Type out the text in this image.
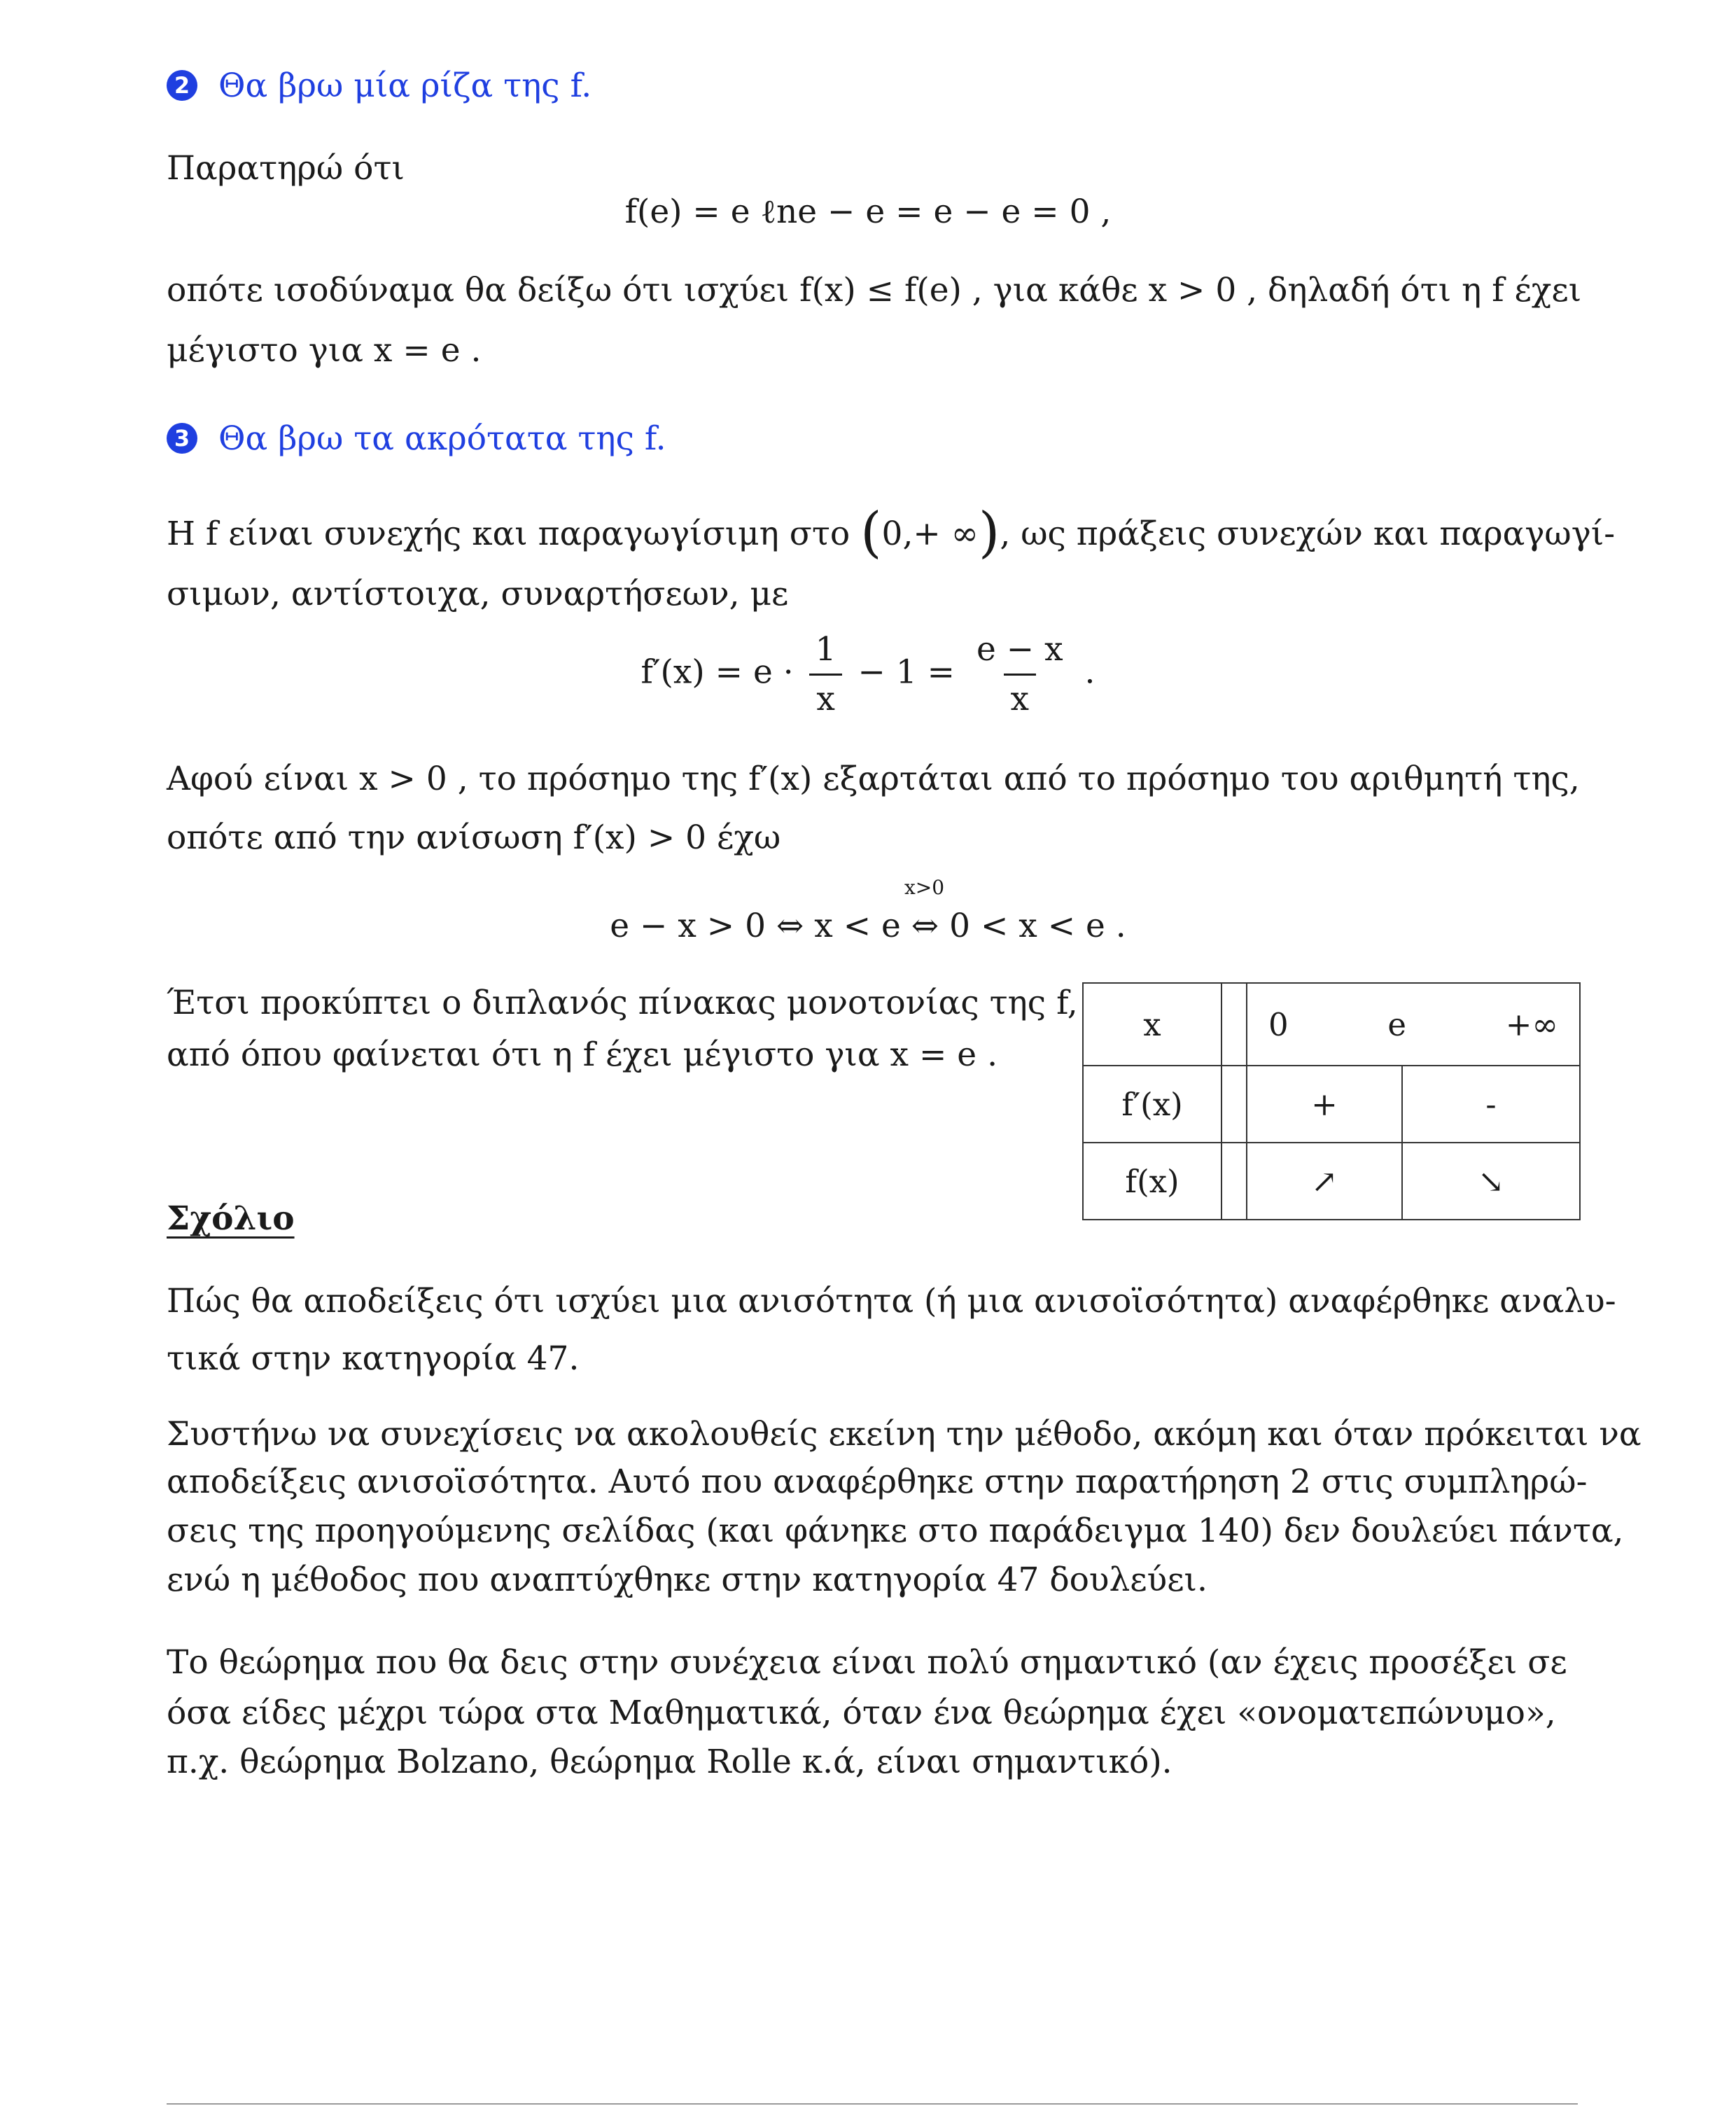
2 Θα βρω μία ρίζα της f.
Παρατηρώ ότι
f(e) = e ℓne − e = e − e = 0 ,
οπότε ισοδύναμα θα δείξω ότι ισχύει f(x) ≤ f(e) , για κάθε x > 0 , δηλαδή ότι η f έχει
μέγιστο για x = e .
3 Θα βρω τα ακρότατα της f.
Η f είναι συνεχής και παραγωγίσιμη στο (0,+ ∞), ως πράξεις συνεχών και παραγωγί-
σιμων, αντίστοιχα, συναρτήσεων, με
$f'(x) = e \cdot \frac{1}{x} - 1 = \frac{e - x}{x}$ .
Αφού είναι x > 0 , το πρόσημο της f′(x) εξαρτάται από το πρόσημο του αριθμητή της,
οπότε από την ανίσωση f′(x) > 0 έχω
x>0
e − x > 0 ⇔ x < e ⇔ 0 < x < e .
Έτσι προκύπτει ο διπλανός πίνακας μονοτονίας της f,
από όπου φαίνεται ότι η f έχει μέγιστο για x = e .
x		0 e +∞	

f′(x)		+	-
f(x)		↗	↘
Σχόλιο
Πώς θα αποδείξεις ότι ισχύει μια ανισότητα (ή μια ανισοϊσότητα) αναφέρθηκε αναλυ-
τικά στην κατηγορία 47.
Συστήνω να συνεχίσεις να ακολουθείς εκείνη την μέθοδο, ακόμη και όταν πρόκειται να
αποδείξεις ανισοϊσότητα. Αυτό που αναφέρθηκε στην παρατήρηση 2 στις συμπληρώ-
σεις της προηγούμενης σελίδας (και φάνηκε στο παράδειγμα 140) δεν δουλεύει πάντα,
ενώ η μέθοδος που αναπτύχθηκε στην κατηγορία 47 δουλεύει.
Το θεώρημα που θα δεις στην συνέχεια είναι πολύ σημαντικό (αν έχεις προσέξει σε
όσα είδες μέχρι τώρα στα Μαθηματικά, όταν ένα θεώρημα έχει «ονοματεπώνυμο»,
π.χ. θεώρημα Bolzano, θεώρημα Rolle κ.ά, είναι σημαντικό).
